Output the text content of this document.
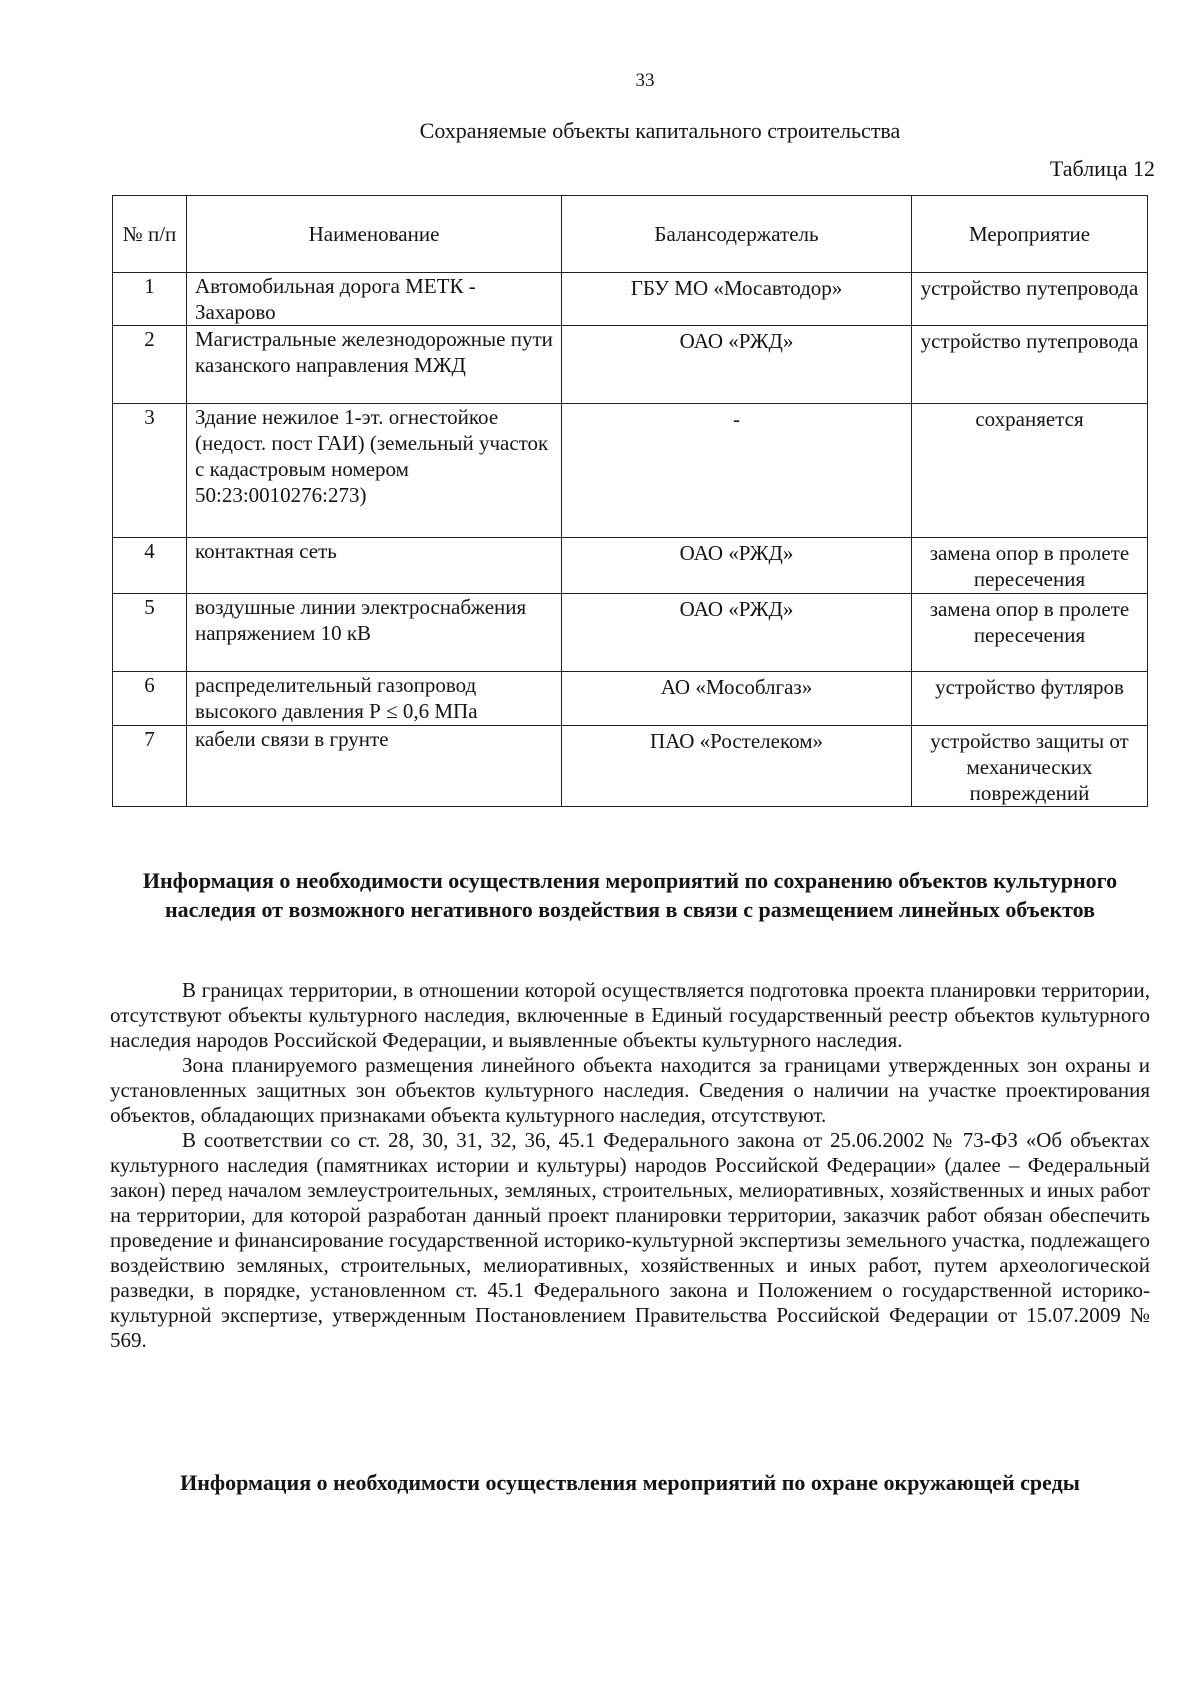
33
Сохраняемые объекты капитального строительства
Таблица 12
№ п/п	Наименование	Балансодержатель	Мероприятие
1	Автомобильная дорога МЕТК - Захарово	ГБУ МО «Мосавтодор»	устройство путепровода
2	Магистральные железнодорожные пути казанского направления МЖД	ОАО «РЖД»	устройство путепровода
3	Здание нежилое 1-эт. огнестойкое (недост. пост ГАИ) (земельный участок с кадастровым номером 50:23:0010276:273)	-	сохраняется
4	контактная сеть	ОАО «РЖД»	замена опор в пролете пересечения
5	воздушные линии электроснабжения напряжением 10 кВ	ОАО «РЖД»	замена опор в пролете пересечения
6	распределительный газопровод высокого давления Р ≤ 0,6 МПа	АО «Мособлгаз»	устройство футляров
7	кабели связи в грунте	ПАО «Ростелеком»	устройство защиты от механических повреждений
Информация о необходимости осуществления мероприятий по сохранению объектов культурного наследия от возможного негативного воздействия в связи с размещением линейных объектов

В границах территории, в отношении которой осуществляется подготовка проекта планировки территории, отсутствуют объекты культурного наследия, включенные в Единый государственный реестр объектов культурного наследия народов Российской Федерации, и выявленные объекты культурного наследия.

Зона планируемого размещения линейного объекта находится за границами утвержденных зон охраны и установленных защитных зон объектов культурного наследия. Сведения о наличии на участке проектирования объектов, обладающих признаками объекта культурного наследия, отсутствуют.

В соответствии со ст. 28, 30, 31, 32, 36, 45.1 Федерального закона от 25.06.2002 № 73-ФЗ «Об объектах культурного наследия (памятниках истории и культуры) народов Российской Федерации» (далее – Федеральный закон) перед началом землеустроительных, земляных, строительных, мелиоративных, хозяйственных и иных работ на территории, для которой разработан данный проект планировки территории, заказчик работ обязан обеспечить проведение и финансирование государственной историко-культурной экспертизы земельного участка, подлежащего воздействию земляных, строительных, мелиоративных, хозяйственных и иных работ, путем археологической разведки, в порядке, установленном ст. 45.1 Федерального закона и Положением о государственной историко-культурной экспертизе, утвержденным Постановлением Правительства Российской Федерации от 15.07.2009 № 569.

Информация о необходимости осуществления мероприятий по охране окружающей среды
